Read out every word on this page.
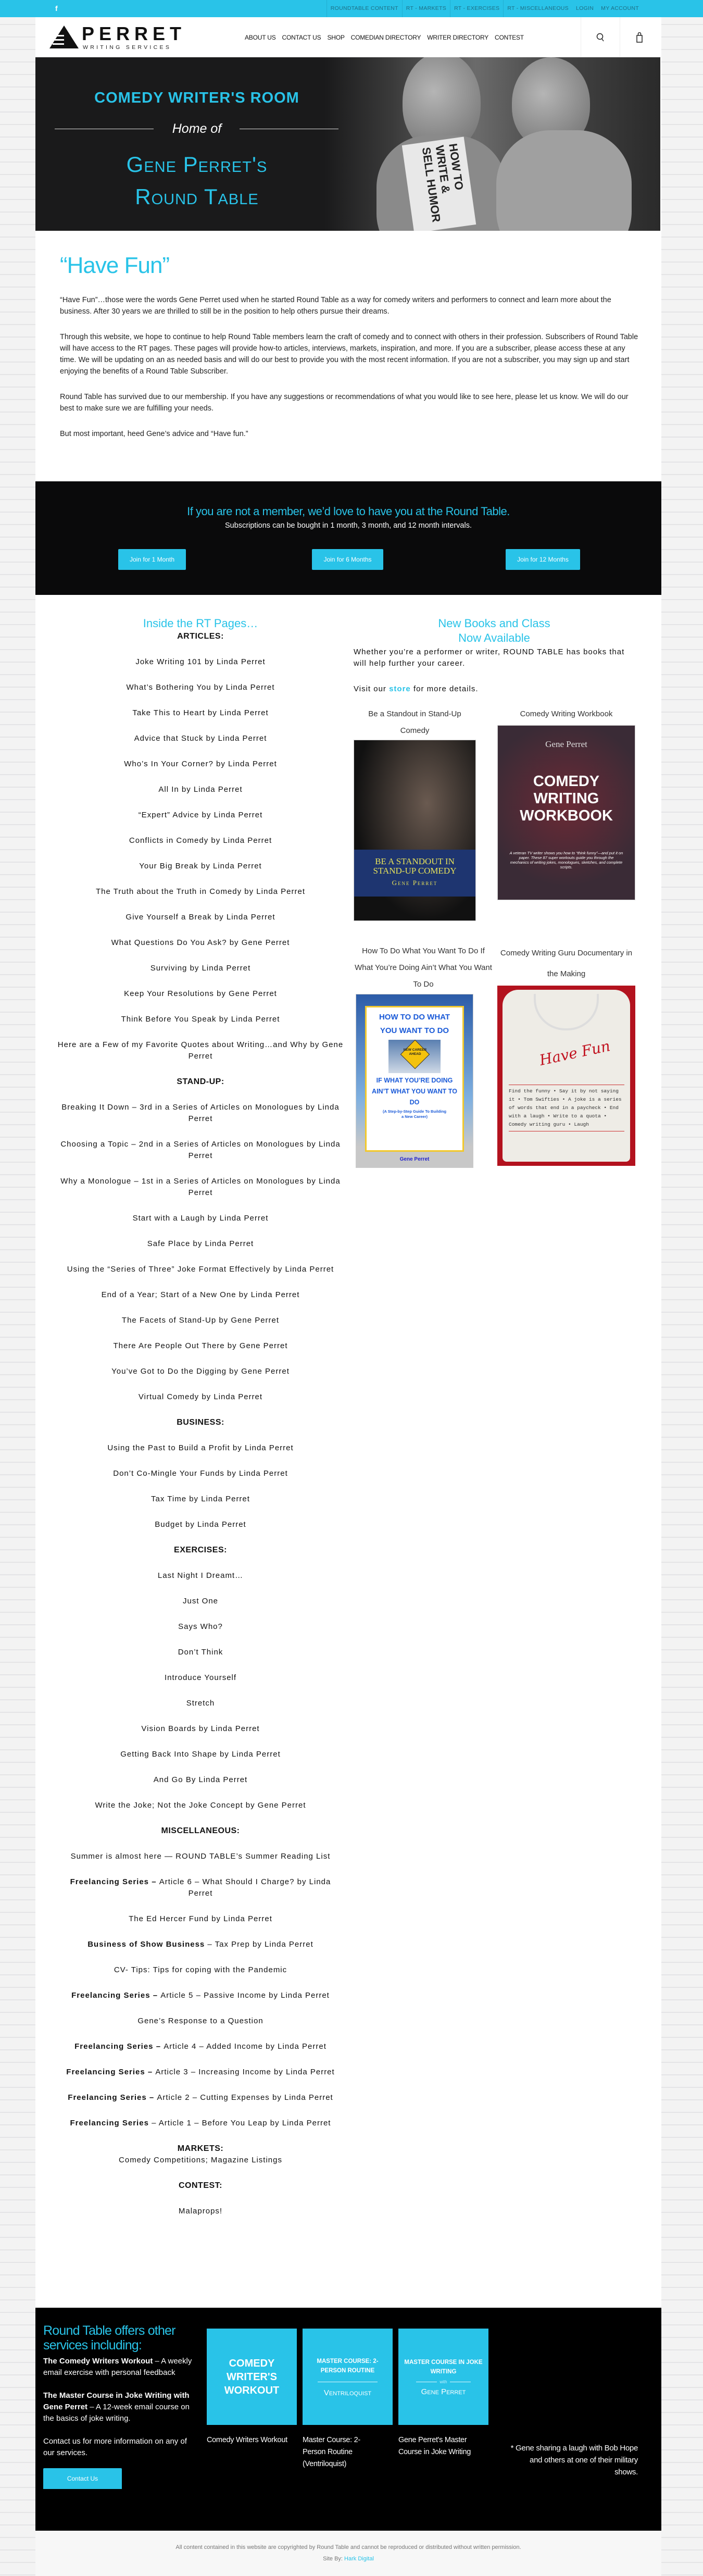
f	ROUNDTABLE CONTENT	RT - MARKETS	RT - EXERCISES	RT - MISCELLANEOUS	LOGIN	MY ACCOUNT
PERRET
WRITING SERVICES
ABOUT US CONTACT US SHOP COMEDIAN DIRECTORY WRITER DIRECTORY CONTEST
HOW TO WRITE & SELL HUMOR
COMEDY WRITER'S ROOM
Home of
Gene Perret's
Round Table
“Have Fun”

“Have Fun”…those were the words Gene Perret used when he started Round Table as a way for comedy writers and performers to connect and learn more about the business. After 30 years we are thrilled to still be in the position to help others pursue their dreams.

Through this website, we hope to continue to help Round Table members learn the craft of comedy and to connect with others in their profession. Subscribers of Round Table will have access to the RT pages. These pages will provide how-to articles, interviews, markets, inspiration, and more. If you are a subscriber, please access these at any time. We will be updating on an as needed basis and will do our best to provide you with the most recent information. If you are not a subscriber, you may sign up and start enjoying the benefits of a Round Table Subscriber.

Round Table has survived due to our membership. If you have any suggestions or recommendations of what you would like to see here, please let us know. We will do our best to make sure we are fulfilling your needs.

But most important, heed Gene’s advice and “Have fun.”

If you are not a member, we’d love to have you at the Round Table.
Subscriptions can be bought in 1 month, 3 month, and 12 month intervals.
Join for 1 Month	Join for 6 Months	Join for 12 Months
Inside the RT Pages…
ARTICLES:
Joke Writing 101 by Linda Perret
What’s Bothering You by Linda Perret
Take This to Heart by Linda Perret
Advice that Stuck by Linda Perret
Who’s In Your Corner? by Linda Perret
All In by Linda Perret
“Expert” Advice by Linda Perret
Conflicts in Comedy by Linda Perret
Your Big Break by Linda Perret
The Truth about the Truth in Comedy by Linda Perret
Give Yourself a Break by Linda Perret
What Questions Do You Ask? by Gene Perret
Surviving by Linda Perret
Keep Your Resolutions by Gene Perret
Think Before You Speak by Linda Perret
Here are a Few of my Favorite Quotes about Writing…and Why by Gene Perret
STAND-UP:
Breaking It Down – 3rd in a Series of Articles on Monologues by Linda Perret
Choosing a Topic – 2nd in a Series of Articles on Monologues by Linda Perret
Why a Monologue – 1st in a Series of Articles on Monologues by Linda Perret
Start with a Laugh by Linda Perret
Safe Place by Linda Perret
Using the “Series of Three” Joke Format Effectively by Linda Perret
End of a Year; Start of a New One by Linda Perret
The Facets of Stand-Up by Gene Perret
There Are People Out There by Gene Perret
You’ve Got to Do the Digging by Gene Perret
Virtual Comedy by Linda Perret
BUSINESS:
Using the Past to Build a Profit by Linda Perret
Don’t Co-Mingle Your Funds by Linda Perret
Tax Time by Linda Perret
Budget by Linda Perret
EXERCISES:
Last Night I Dreamt…
Just One
Says Who?
Don’t Think
Introduce Yourself
Stretch
Vision Boards by Linda Perret
Getting Back Into Shape by Linda Perret
And Go By Linda Perret
Write the Joke; Not the Joke Concept by Gene Perret
MISCELLANEOUS:
Summer is almost here — ROUND TABLE’s Summer Reading List
Freelancing Series – Article 6 – What Should I Charge? by Linda Perret
The Ed Hercer Fund by Linda Perret
Business of Show Business – Tax Prep by Linda Perret
CV- Tips: Tips for coping with the Pandemic
Freelancing Series – Article 5 – Passive Income by Linda Perret
Gene’s Response to a Question
Freelancing Series – Article 4 – Added Income by Linda Perret
Freelancing Series – Article 3 – Increasing Income by Linda Perret
Freelancing Series – Article 2 – Cutting Expenses by Linda Perret
Freelancing Series – Article 1 – Before You Leap by Linda Perret
MARKETS:
Comedy Competitions; Magazine Listings
CONTEST:
Malaprops!
New Books and Class
Now Available

Whether you’re a performer or writer, ROUND TABLE has books that will help further your career.

Visit our store for more details.

Be a Standout in Stand-Up Comedy
BE A STANDOUT IN STAND-UP COMEDY
Gene Perret
Comedy Writing Workbook
Gene Perret
COMEDY WRITING WORKBOOK
A veteran TV writer shows you how to “think funny”—and put it on paper. These 87 super workouts guide you through the mechanics of writing jokes, monologues, sketches, and complete scripts.
How To Do What You Want To Do If What You’re Doing Ain’t What You Want To Do
HOW TO DO WHAT YOU WANT TO DO
NEW CAREER AHEAD
IF WHAT YOU’RE DOING AIN’T WHAT YOU WANT TO DO
(A Step-by-Step Guide To Building a New Career)
Gene Perret
Comedy Writing Guru Documentary in the Making
Have Fun
Find the funny • Say it by not saying it • Tom Swifties • A joke is a series of words that end in a paycheck • End with a laugh • Write to a quota • Comedy writing guru • Laugh
Round Table offers other services including:
The Comedy Writers Workout – A weekly email exercise with personal feedback
The Master Course in Joke Writing with Gene Perret – A 12-week email course on the basics of joke writing.
Contact us for more information on any of our services.
Contact Us
COMEDY WRITER'S WORKOUT
MASTER COURSE: 2-PERSON ROUTINE
Ventriloquist
MASTER COURSE IN JOKE WRITING
with
Gene Perret
Comedy Writers Workout	Master Course: 2-Person Routine (Ventriloquist)
Gene Perret's Master Course in Joke Writing	* Gene sharing a laugh with Bob Hope and others at one of their military shows.
All content contained in this website are copyrighted by Round Table and cannot be reproduced or distributed without written permission.
Site By: Hark Digital
